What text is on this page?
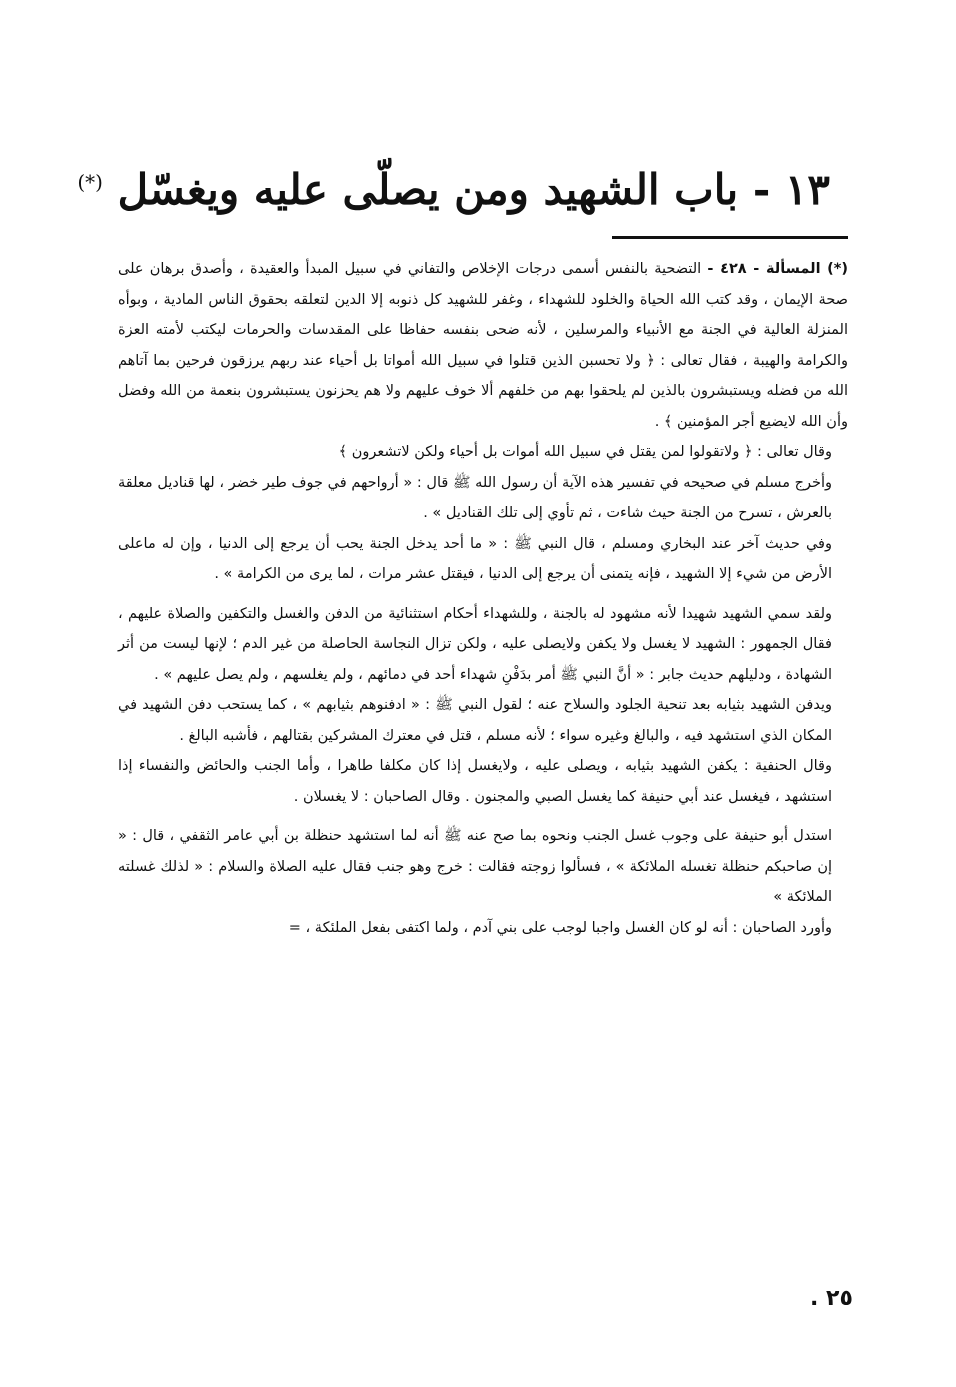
١٣ - باب الشهيد ومن يصلّى عليه ويغسّل (*)

(*) المسألة - ٤٢٨ - التضحية بالنفس أسمى درجات الإخلاص والتفاني في سبيل المبدأ والعقيدة ، وأصدق برهان على صحة الإيمان ، وقد كتب الله الحياة والخلود للشهداء ، وغفر للشهيد كل ذنوبه إلا الدين لتعلقه بحقوق الناس المادية ، وبوأه المنزلة العالية في الجنة مع الأنبياء والمرسلين ، لأنه ضحى بنفسه حفاظا على المقدسات والحرمات ليكتب لأمته العزة والكرامة والهيبة ، فقال تعالى : ﴿ ولا تحسبن الذين قتلوا في سبيل الله أمواتا بل أحياء عند ربهم يرزقون فرحين بما آتاهم الله من فضله ويستبشرون بالذين لم يلحقوا بهم من خلفهم ألا خوف عليهم ولا هم يحزنون يستبشرون بنعمة من الله وفضل وأن الله لايضيع أجر المؤمنين ﴾ .

وقال تعالى : ﴿ ولاتقولوا لمن يقتل في سبيل الله أموات بل أحياء ولكن لاتشعرون ﴾

وأخرج مسلم في صحيحه في تفسير هذه الآية أن رسول الله ﷺ قال : « أرواحهم في جوف طير خضر ، لها قناديل معلقة بالعرش ، تسرح من الجنة حيث شاءت ، ثم تأوي إلى تلك القناديل » .

وفي حديث آخر عند البخاري ومسلم ، قال النبي ﷺ : « ما أحد يدخل الجنة يحب أن يرجع إلى الدنيا ، وإن له ماعلى الأرض من شيء إلا الشهيد ، فإنه يتمنى أن يرجع إلى الدنيا ، فيقتل عشر مرات ، لما يرى من الكرامة » .

ولقد سمي الشهيد شهيدا لأنه مشهود له بالجنة ، وللشهداء أحكام استثنائية من الدفن والغسل والتكفين والصلاة عليهم ، فقال الجمهور : الشهيد لا يغسل ولا يكفن ولايصلى عليه ، ولكن تزال النجاسة الحاصلة من غير الدم ؛ لإنها ليست من أثر الشهادة ، ودليلهم حديث جابر : « أنَّ النبي ﷺ أمر بدَفْنِ شهداء أحد في دمائهم ، ولم يغلسهم ، ولم يصل عليهم » .

ويدفن الشهيد بثيابه بعد تنحية الجلود والسلاح عنه ؛ لقول النبي ﷺ : « ادفنوهم بثيابهم » ، كما يستحب دفن الشهيد في المكان الذي استشهد فيه ، والبالغ وغيره سواء ؛ لأنه مسلم ، قتل في معترك المشركين بقتالهم ، فأشبه البالغ .

وقال الحنفية : يكفن الشهيد بثيابه ، ويصلى عليه ، ولايغسل إذا كان مكلفا طاهرا ، وأما الجنب والحائض والنفساء إذا استشهد ، فيغسل عند أبي حنيفة كما يغسل الصبي والمجنون . وقال الصاحبان : لا يغسلان .

استدل أبو حنيفة على وجوب غسل الجنب ونحوه بما صح عنه ﷺ أنه لما استشهد حنظلة بن أبي عامر الثقفي ، قال : « إن صاحبكم حنظلة تغسله الملائكة » ، فسألوا زوجته فقالت : خرج وهو جنب فقال عليه الصلاة والسلام : « لذلك غسلته الملائكة »

وأورد الصاحبان : أنه لو كان الغسل واجبا لوجب على بني آدم ، ولما اكتفى بفعل الملئكة ، =

٢٥ .
